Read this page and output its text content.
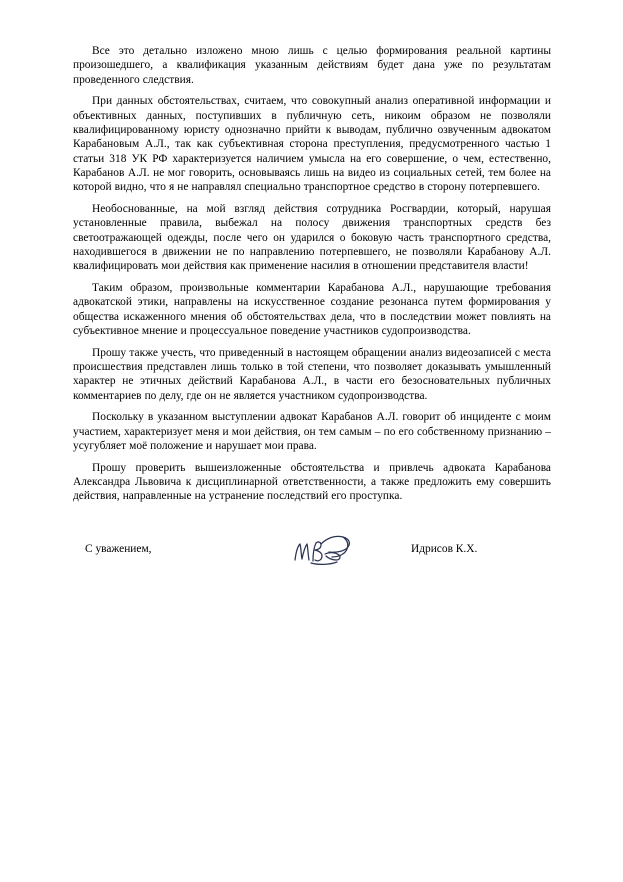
Все это детально изложено мною лишь с целью формирования реальной картины произошедшего, а квалификация указанным действиям будет дана уже по результатам проведенного следствия.

При данных обстоятельствах, считаем, что совокупный анализ оперативной информации и объективных данных, поступивших в публичную сеть, никоим образом не позволяли квалифицированному юристу однозначно прийти к выводам, публично озвученным адвокатом Карабановым А.Л., так как субъективная сторона преступления, предусмотренного частью 1 статьи 318 УК РФ характеризуется наличием умысла на его совершение, о чем, естественно, Карабанов А.Л. не мог говорить, основываясь лишь на видео из социальных сетей, тем более на которой видно, что я не направлял специально транспортное средство в сторону потерпевшего.

Необоснованные, на мой взгляд действия сотрудника Росгвардии, который, нарушая установленные правила, выбежал на полосу движения транспортных средств без светоотражающей одежды, после чего он ударился о боковую часть транспортного средства, находившегося в движении не по направлению потерпевшего, не позволяли Карабанову А.Л. квалифицировать мои действия как применение насилия в отношении представителя власти!

Таким образом, произвольные комментарии Карабанова А.Л., нарушающие требования адвокатской этики, направлены на искусственное создание резонанса путем формирования у общества искаженного мнения об обстоятельствах дела, что в последствии может повлиять на субъективное мнение и процессуальное поведение участников судопроизводства.

Прошу также учесть, что приведенный в настоящем обращении анализ видеозаписей с места происшествия представлен лишь только в той степени, что позволяет доказывать умышленный характер не этичных действий Карабанова А.Л., в части его безосновательных публичных комментариев по делу, где он не является участником судопроизводства.

Поскольку в указанном выступлении адвокат Карабанов А.Л. говорит об инциденте с моим участием, характеризует меня и мои действия, он тем самым – по его собственному признанию – усугубляет моё положение и нарушает мои права.

Прошу проверить вышеизложенные обстоятельства и привлечь адвоката Карабанова Александра Львовича к дисциплинарной ответственности, а также предложить ему совершить действия, направленные на устранение последствий его проступка.

С уважением,	Идрисов К.Х.
